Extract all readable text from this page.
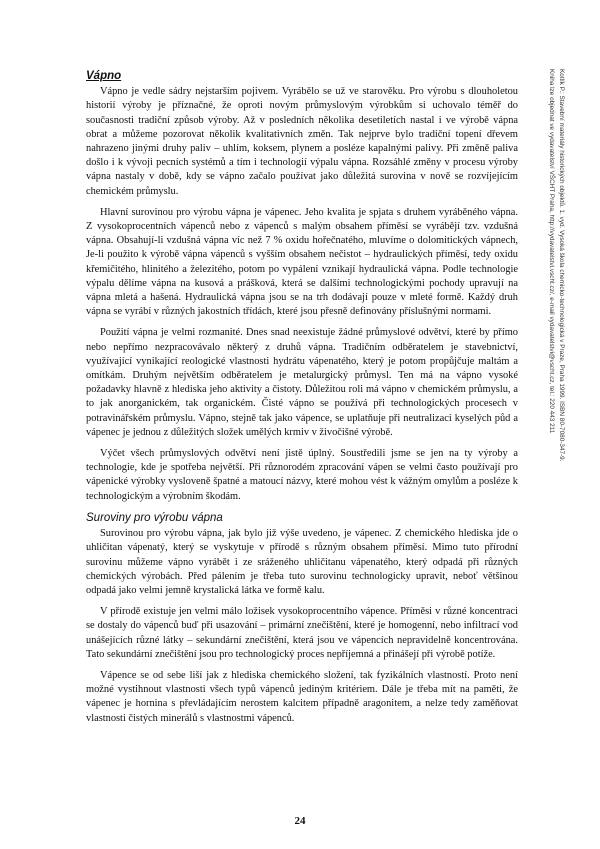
Vápno

Vápno je vedle sádry nejstarším pojivem. Vyrábělo se už ve starověku. Pro výrobu s dlouholetou historií výroby je příznačné, že oproti novým průmyslovým výrobkům si uchovalo téměř do současnosti tradiční způsob výroby. Až v posledních několika desetiletích nastal i ve výrobě vápna obrat a můžeme pozorovat několik kvalitativních změn. Tak nejprve bylo tradiční topení dřevem nahrazeno jinými druhy paliv – uhlím, koksem, plynem a posléze kapalnými palivy. Při změně paliva došlo i k vývoji pecních systémů a tím i technologií výpalu vápna. Rozsáhlé změny v procesu výroby vápna nastaly v době, kdy se vápno začalo používat jako důležitá surovina v nově se rozvíjejícím chemickém průmyslu.

Hlavní surovinou pro výrobu vápna je vápenec. Jeho kvalita je spjata s druhem vyráběného vápna. Z vysokoprocentních vápenců nebo z vápenců s malým obsahem příměsí se vyrábějí tzv. vzdušná vápna. Obsahují-li vzdušná vápna víc než 7 % oxidu hořečnatého, mluvíme o dolomitických vápnech, Je-li použito k výrobě vápna vápenců s vyšším obsahem nečistot – hydraulických příměsí, tedy oxidu křemičitého, hlinitého a železitého, potom po vypálení vznikají hydraulická vápna. Podle technologie výpalu dělíme vápna na kusová a prášková, která se dalšími technologickými pochody upravují na vápna mletá a hašená. Hydraulická vápna jsou se na trh dodávají pouze v mleté formě. Každý druh vápna se vyrábí v různých jakostních třídách, které jsou přesně definovány příslušnými normami.

Použití vápna je velmi rozmanité. Dnes snad neexistuje žádné průmyslové odvětví, které by přímo nebo nepřímo nezpracovávalo některý z druhů vápna. Tradičním odběratelem je stavebnictví, využívající vynikající reologické vlastnosti hydrátu vápenatého, který je potom propůjčuje maltám a omítkám. Druhým největším odběratelem je metalurgický průmysl. Ten má na vápno vysoké požadavky hlavně z hlediska jeho aktivity a čistoty. Důležitou roli má vápno v chemickém průmyslu, a to jak anorganickém, tak organickém. Čisté vápno se používá při technologických procesech v potravinářském průmyslu. Vápno, stejně tak jako vápence, se uplatňuje při neutralizaci kyselých půd a vápenec je jednou z důležitých složek umělých krmiv v živočišné výrobě.

Výčet všech průmyslových odvětví není jistě úplný. Soustředili jsme se jen na ty výroby a technologie, kde je spotřeba největší. Při různorodém zpracování vápen se velmi často používají pro vápenické výrobky vysloveně špatné a matoucí názvy, které mohou vést k vážným omylům a posléze k technologickým a výrobním škodám.

Suroviny pro výrobu vápna

Surovinou pro výrobu vápna, jak bylo již výše uvedeno, je vápenec. Z chemického hlediska jde o uhličitan vápenatý, který se vyskytuje v přírodě s různým obsahem příměsí. Mimo tuto přírodní surovinu můžeme vápno vyrábět i ze sráženého uhličitanu vápenatého, který odpadá při různých chemických výrobách. Před pálením je třeba tuto surovinu technologicky upravit, neboť většinou odpadá jako velmi jemně krystalická látka ve formě kalu.

V přírodě existuje jen velmi málo ložisek vysokoprocentního vápence. Příměsi v různé koncentraci se dostaly do vápenců buď při usazování – primární znečištění, které je homogenní, nebo infiltrací vod unášejících různé látky – sekundární znečištění, která jsou ve vápencích nepravidelně koncentrována. Tato sekundární znečištění jsou pro technologický proces nepříjemná a přinášejí při výrobě potíže.

Vápence se od sebe liší jak z hlediska chemického složení, tak fyzikálních vlastností. Proto není možné vystihnout vlastnosti všech typů vápenců jediným kritériem. Dále je třeba mít na paměti, že vápenec je hornina s převládajícím nerostem kalcitem případně aragonitem, a nelze tedy zaměňovat vlastnosti čistých minerálů s vlastnostmi vápenců.

Kotlík P.: Stavební materiály historických objektů. 1. vyd. Vysoká škola chemicko-technologická v Praze, Praha 1999. ISBN 80-7080-347-9.
Kniha lze objednat ve vydavatelství VŠCHT Praha, http://vydavatelstvi.vscht.cz/, e-mail vydavatelstvi@vscht.cz, tel.: 220 443 211
24
